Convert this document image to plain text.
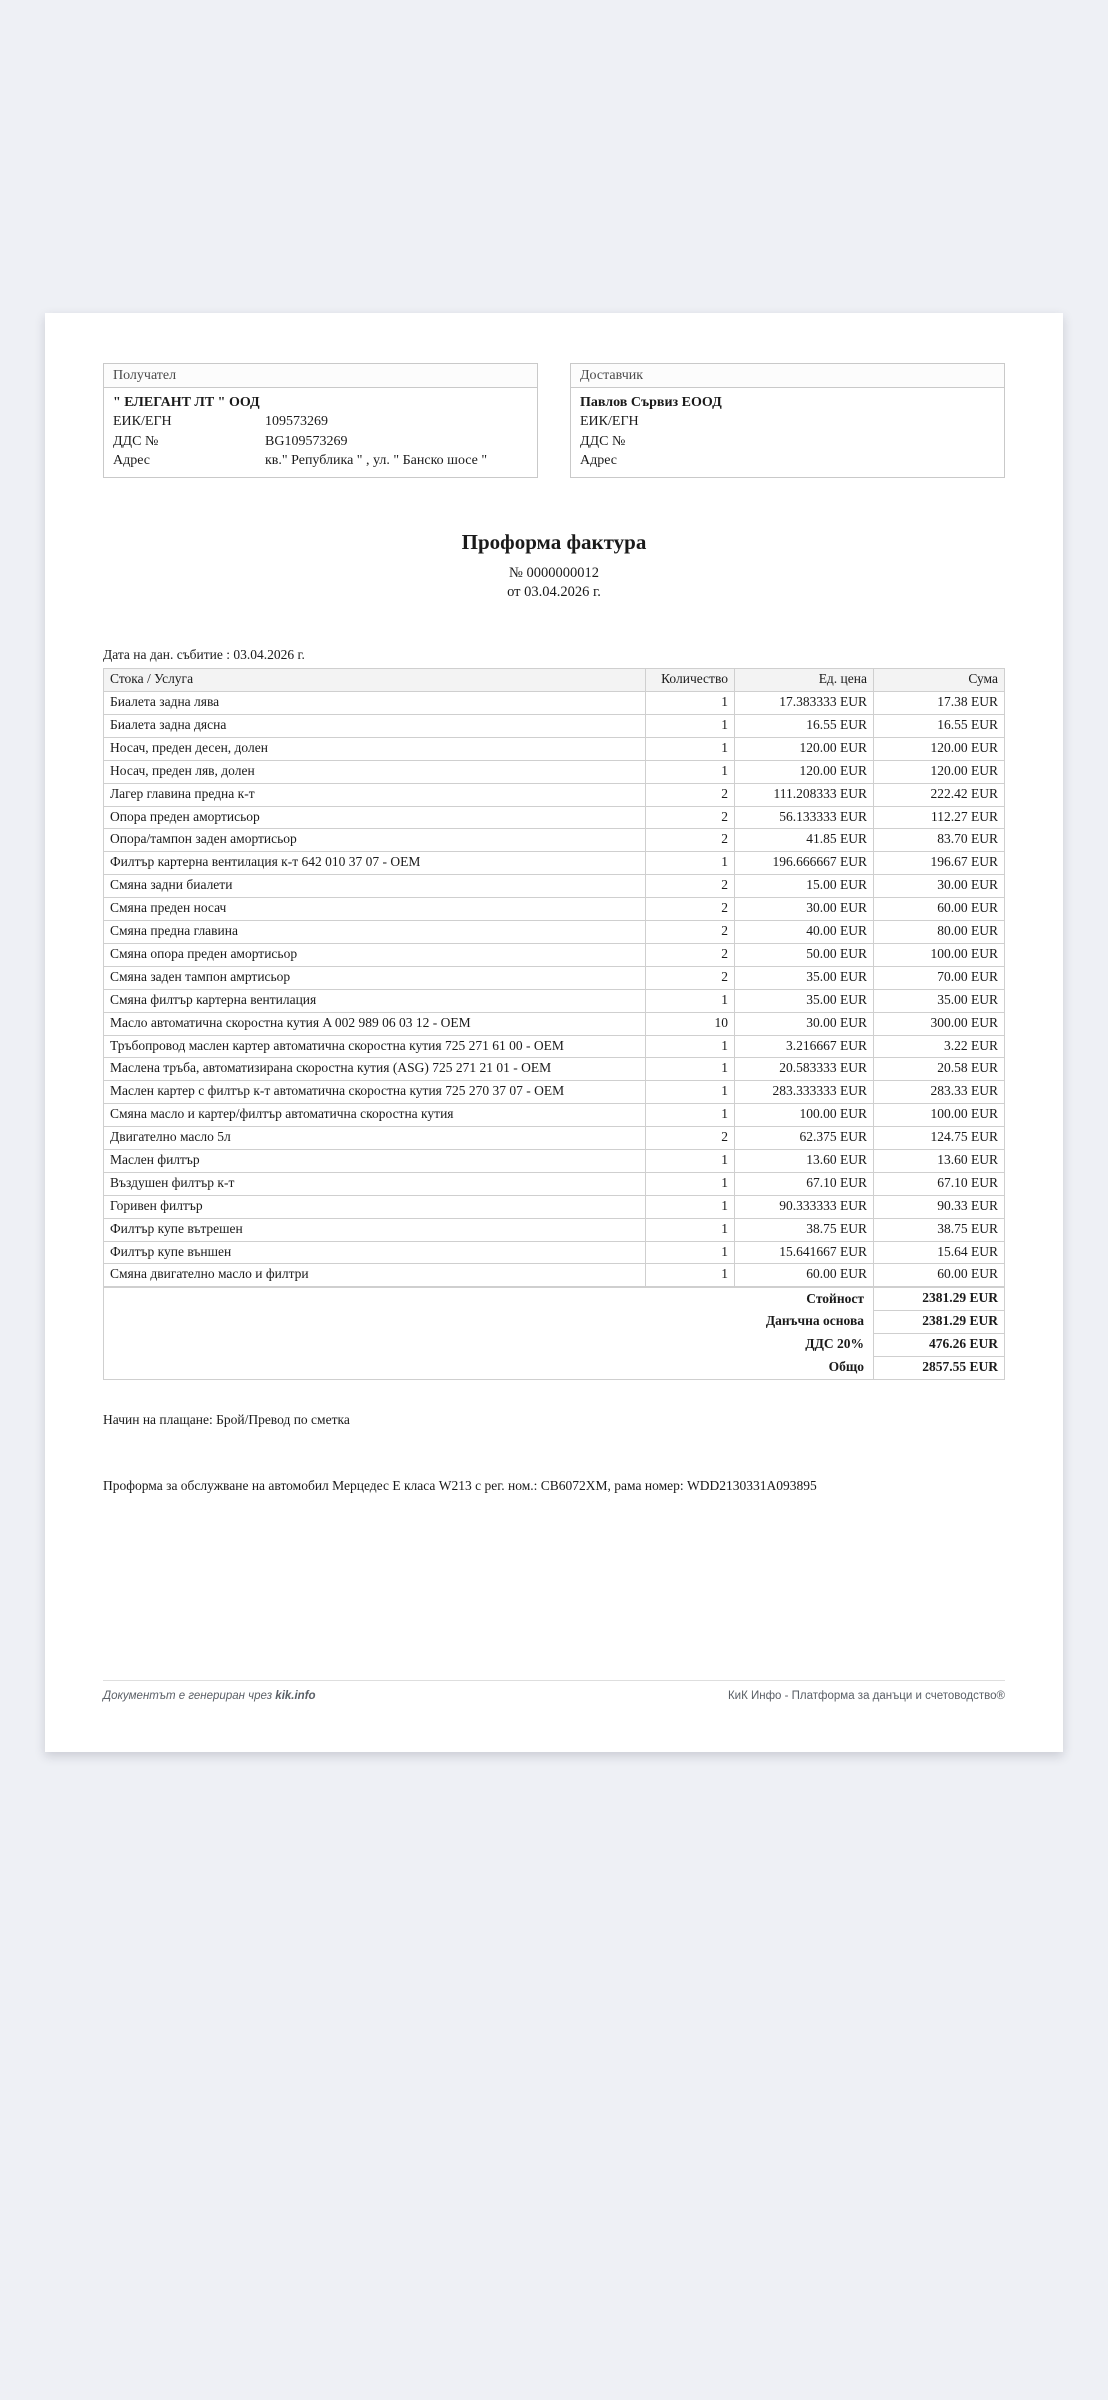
Получател
" ЕЛЕГАНТ ЛТ " ООД
ЕИК/ЕГН	109573269
ДДС №	BG109573269
Адрес	кв." Република " , ул. " Банско шосе "
Доставчик
Павлов Сървиз ЕООД
ЕИК/ЕГН
ДДС №
Адрес
Проформа фактура
№ 0000000012
от 03.04.2026 г.
Дата на дан. събитие : 03.04.2026 г.
Стока / Услуга	Количество	Ед. цена	Сума
Биалета задна лява	1	17.383333 EUR	17.38 EUR
Биалета задна дясна	1	16.55 EUR	16.55 EUR
Носач, преден десен, долен	1	120.00 EUR	120.00 EUR
Носач, преден ляв, долен	1	120.00 EUR	120.00 EUR
Лагер главина предна к-т	2	111.208333 EUR	222.42 EUR
Опора преден амортисьор	2	56.133333 EUR	112.27 EUR
Опора/тампон заден амортисьор	2	41.85 EUR	83.70 EUR
Филтър картерна вентилация к-т 642 010 37 07 - OEM	1	196.666667 EUR	196.67 EUR
Смяна задни биалети	2	15.00 EUR	30.00 EUR
Смяна преден носач	2	30.00 EUR	60.00 EUR
Смяна предна главина	2	40.00 EUR	80.00 EUR
Смяна опора преден амортисьор	2	50.00 EUR	100.00 EUR
Смяна заден тампон амртисьор	2	35.00 EUR	70.00 EUR
Смяна филтър картерна вентилация	1	35.00 EUR	35.00 EUR
Масло автоматична скоростна кутия A 002 989 06 03 12 - OEM	10	30.00 EUR	300.00 EUR
Тръбопровод маслен картер автоматична скоростна кутия 725 271 61 00 - OEM	1	3.216667 EUR	3.22 EUR
Маслена тръба, автоматизирана скоростна кутия (ASG) 725 271 21 01 - OEM	1	20.583333 EUR	20.58 EUR
Маслен картер с филтър к-т автоматична скоростна кутия 725 270 37 07 - OEM	1	283.333333 EUR	283.33 EUR
Смяна масло и картер/филтър автоматична скоростна кутия	1	100.00 EUR	100.00 EUR
Двигателно масло 5л	2	62.375 EUR	124.75 EUR
Маслен филтър	1	13.60 EUR	13.60 EUR
Въздушен филтър к-т	1	67.10 EUR	67.10 EUR
Горивен филтър	1	90.333333 EUR	90.33 EUR
Филтър купе вътрешен	1	38.75 EUR	38.75 EUR
Филтър купе външен	1	15.641667 EUR	15.64 EUR
Смяна двигателно масло и филтри	1	60.00 EUR	60.00 EUR
Стойност	2381.29 EUR
Данъчна основа	2381.29 EUR
ДДС 20%	476.26 EUR
Общо	2857.55 EUR
Начин на плащане: Брой/Превод по сметка
Проформа за обслужване на автомобил Мерцедес Е класа W213 с рег. ном.: СВ6072ХМ, рама номер: WDD2130331A093895
Документът е генериран чрез kik.info	КиК Инфо - Платформа за данъци и счетоводство®
